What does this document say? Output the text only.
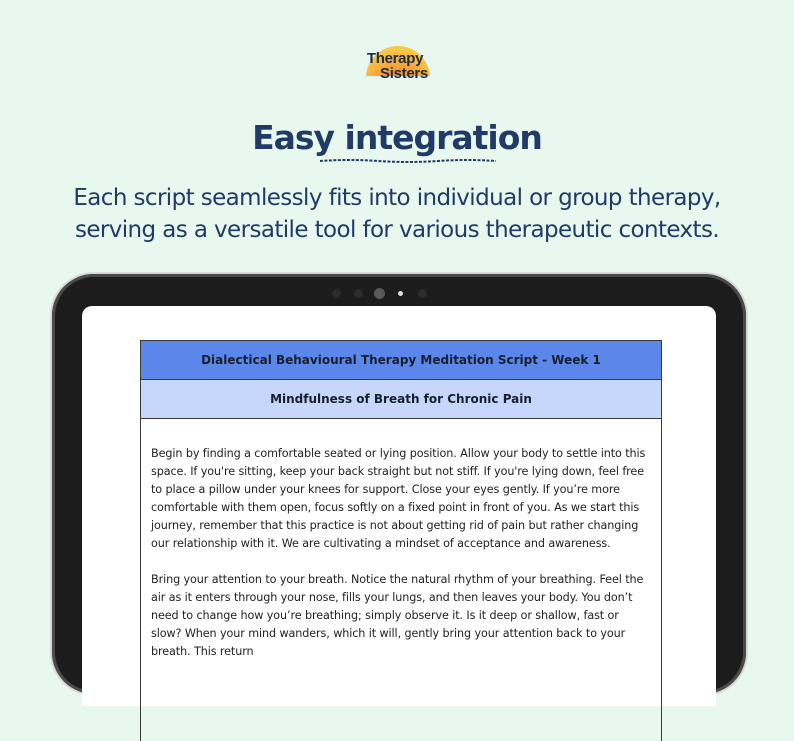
Therapy
Sisters
Easy integration
Each script seamlessly fits into individual or group therapy, serving as a versatile tool for various therapeutic contexts.
Dialectical Behavioural Therapy Meditation Script - Week 1
Mindfulness of Breath for Chronic Pain

Begin by finding a comfortable seated or lying position. Allow your body to settle into this space. If you're sitting, keep your back straight but not stiff. If you're lying down, feel free to place a pillow under your knees for support. Close your eyes gently. If you’re more comfortable with them open, focus softly on a fixed point in front of you. As we start this journey, remember that this practice is not about getting rid of pain but rather changing our relationship with it. We are cultivating a mindset of acceptance and awareness.

Bring your attention to your breath. Notice the natural rhythm of your breathing. Feel the air as it enters through your nose, fills your lungs, and then leaves your body. You don’t need to change how you’re breathing; simply observe it. Is it deep or shallow, fast or slow? When your mind wanders, which it will, gently bring your attention back to your breath. This return
